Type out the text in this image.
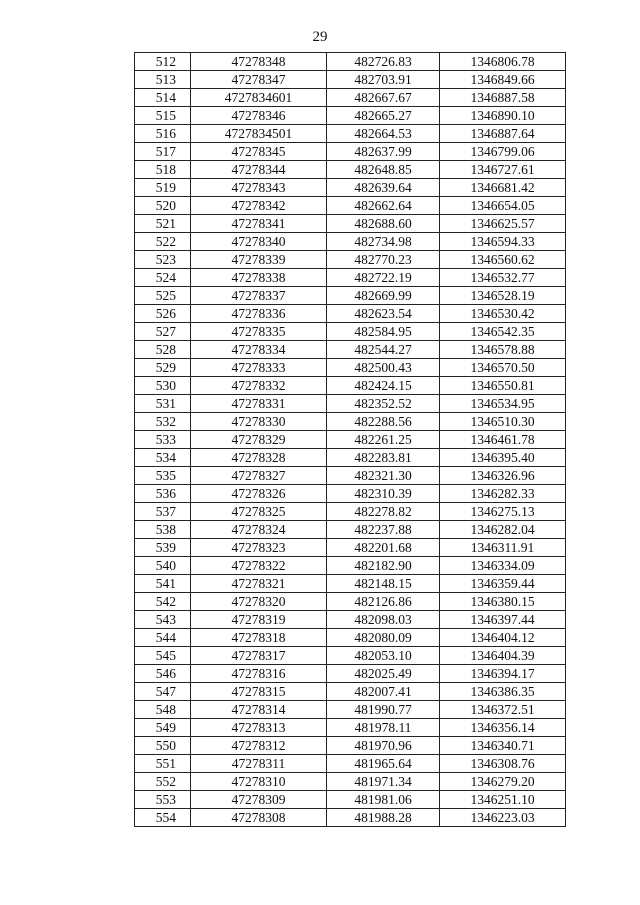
29
512	47278348	482726.83	1346806.78
513	47278347	482703.91	1346849.66
514	4727834601	482667.67	1346887.58
515	47278346	482665.27	1346890.10
516	4727834501	482664.53	1346887.64
517	47278345	482637.99	1346799.06
518	47278344	482648.85	1346727.61
519	47278343	482639.64	1346681.42
520	47278342	482662.64	1346654.05
521	47278341	482688.60	1346625.57
522	47278340	482734.98	1346594.33
523	47278339	482770.23	1346560.62
524	47278338	482722.19	1346532.77
525	47278337	482669.99	1346528.19
526	47278336	482623.54	1346530.42
527	47278335	482584.95	1346542.35
528	47278334	482544.27	1346578.88
529	47278333	482500.43	1346570.50
530	47278332	482424.15	1346550.81
531	47278331	482352.52	1346534.95
532	47278330	482288.56	1346510.30
533	47278329	482261.25	1346461.78
534	47278328	482283.81	1346395.40
535	47278327	482321.30	1346326.96
536	47278326	482310.39	1346282.33
537	47278325	482278.82	1346275.13
538	47278324	482237.88	1346282.04
539	47278323	482201.68	1346311.91
540	47278322	482182.90	1346334.09
541	47278321	482148.15	1346359.44
542	47278320	482126.86	1346380.15
543	47278319	482098.03	1346397.44
544	47278318	482080.09	1346404.12
545	47278317	482053.10	1346404.39
546	47278316	482025.49	1346394.17
547	47278315	482007.41	1346386.35
548	47278314	481990.77	1346372.51
549	47278313	481978.11	1346356.14
550	47278312	481970.96	1346340.71
551	47278311	481965.64	1346308.76
552	47278310	481971.34	1346279.20
553	47278309	481981.06	1346251.10
554	47278308	481988.28	1346223.03
